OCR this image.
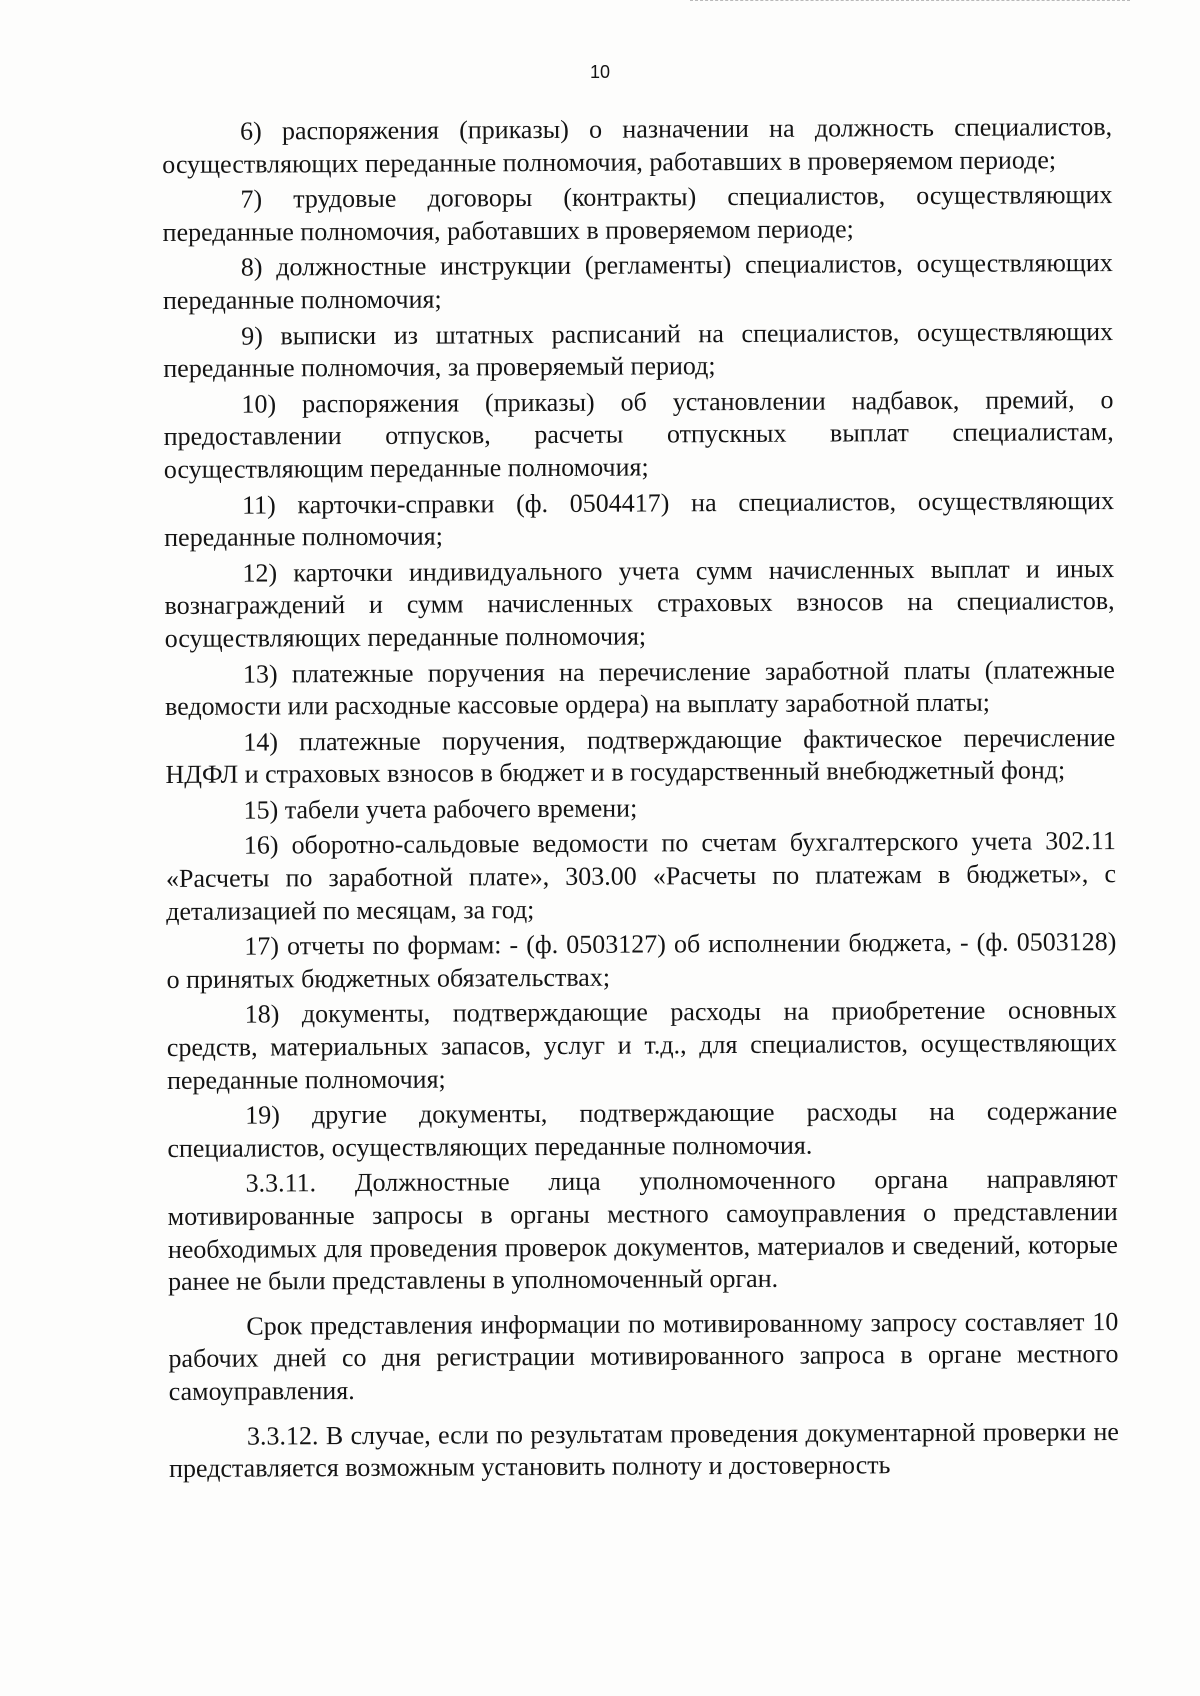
10

6) распоряжения (приказы) о назначении на должность специалистов, осуществляющих переданные полномочия, работавших в проверяемом периоде;

7) трудовые договоры (контракты) специалистов, осуществляющих переданные полномочия, работавших в проверяемом периоде;

8) должностные инструкции (регламенты) специалистов, осуществляющих переданные полномочия;

9) выписки из штатных расписаний на специалистов, осуществляющих переданные полномочия, за проверяемый период;

10) распоряжения (приказы) об установлении надбавок, премий, о предоставлении отпусков, расчеты отпускных выплат специалистам, осуществляющим переданные полномочия;

11) карточки-справки (ф. 0504417) на специалистов, осуществляющих переданные полномочия;

12) карточки индивидуального учета сумм начисленных выплат и иных вознаграждений и сумм начисленных страховых взносов на специалистов, осуществляющих переданные полномочия;

13) платежные поручения на перечисление заработной платы (платежные ведомости или расходные кассовые ордера) на выплату заработной платы;

14) платежные поручения, подтверждающие фактическое перечисление НДФЛ и страховых взносов в бюджет и в государственный внебюджетный фонд;

15) табели учета рабочего времени;

16) оборотно-сальдовые ведомости по счетам бухгалтерского учета 302.11 «Расчеты по заработной плате», 303.00 «Расчеты по платежам в бюджеты», с детализацией по месяцам, за год;

17) отчеты по формам: - (ф. 0503127) об исполнении бюджета, - (ф. 0503128) о принятых бюджетных обязательствах;

18) документы, подтверждающие расходы на приобретение основных средств, материальных запасов, услуг и т.д., для специалистов, осуществляющих переданные полномочия;

19) другие документы, подтверждающие расходы на содержание специалистов, осуществляющих переданные полномочия.

3.3.11. Должностные лица уполномоченного органа направляют мотивированные запросы в органы местного самоуправления о представлении необходимых для проведения проверок документов, материалов и сведений, которые ранее не были представлены в уполномоченный орган.

Срок представления информации по мотивированному запросу составляет 10 рабочих дней со дня регистрации мотивированного запроса в органе местного самоуправления.

3.3.12. В случае, если по результатам проведения документарной проверки не представляется возможным установить полноту и достоверность
